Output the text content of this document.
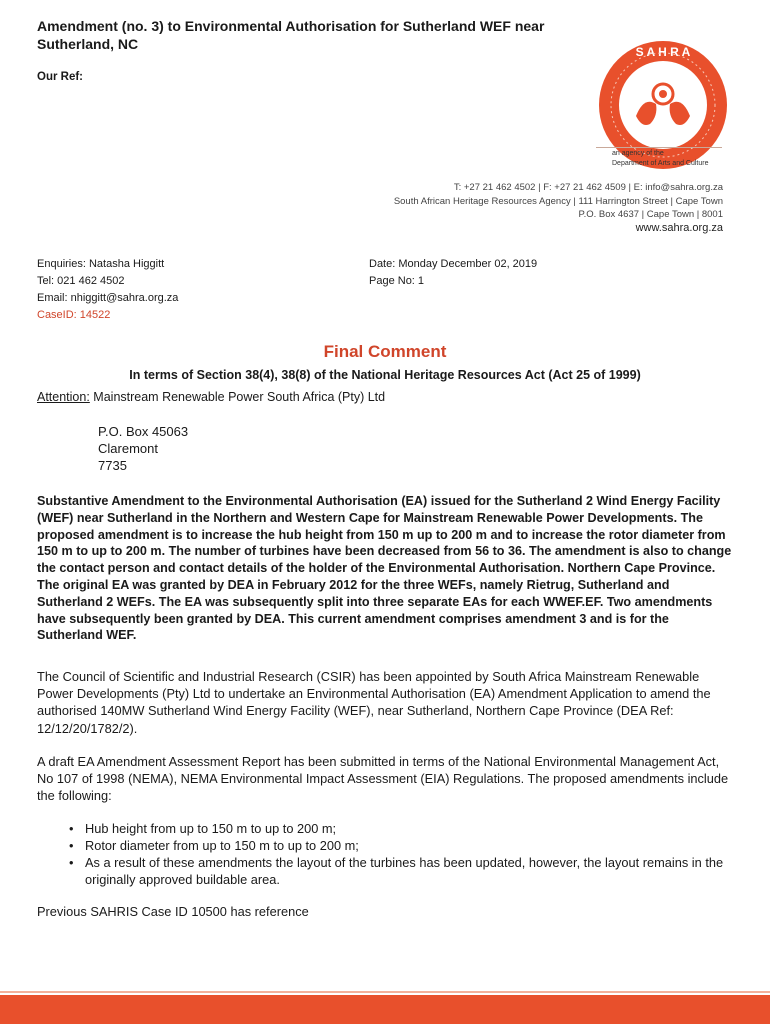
Amendment (no. 3) to Environmental Authorisation for Sutherland WEF near
Sutherland, NC
Our Ref:
S A H R A
an agency of the
Department of Arts and Culture
T: +27 21 462 4502 | F: +27 21 462 4509 | E: info@sahra.org.za
South African Heritage Resources Agency | 111 Harrington Street | Cape Town
P.O. Box 4637 | Cape Town | 8001
www.sahra.org.za
Enquiries: Natasha Higgitt
Tel: 021 462 4502
Email: nhiggitt@sahra.org.za
CaseID: 14522
Date: Monday December 02, 2019
Page No: 1
Final Comment
In terms of Section 38(4), 38(8) of the National Heritage Resources Act (Act 25 of 1999)
Attention: Mainstream Renewable Power South Africa (Pty) Ltd
P.O. Box 45063
Claremont
7735
Substantive Amendment to the Environmental Authorisation (EA) issued for the Sutherland 2 Wind Energy Facility (WEF) near Sutherland in the Northern and Western Cape for Mainstream Renewable Power Developments. The proposed amendment is to increase the hub height from 150 m up to 200 m and to increase the rotor diameter from 150 m to up to 200 m. The number of turbines have been decreased from 56 to 36. The amendment is also to change the contact person and contact details of the holder of the Environmental Authorisation. Northern Cape Province. The original EA was granted by DEA in February 2012 for the three WEFs, namely Rietrug, Sutherland and Sutherland 2 WEFs. The EA was subsequently split into three separate EAs for each WWEF.EF. Two amendments have subsequently been granted by DEA. This current amendment comprises amendment 3 and is for the Sutherland WEF.
The Council of Scientific and Industrial Research (CSIR) has been appointed by South Africa Mainstream Renewable Power Developments (Pty) Ltd to undertake an Environmental Authorisation (EA) Amendment Application to amend the authorised 140MW Sutherland Wind Energy Facility (WEF), near Sutherland, Northern Cape Province (DEA Ref: 12/12/20/1782/2).
A draft EA Amendment Assessment Report has been submitted in terms of the National Environmental Management Act, No 107 of 1998 (NEMA), NEMA Environmental Impact Assessment (EIA) Regulations. The proposed amendments include the following:
• Hub height from up to 150 m to up to 200 m;
• Rotor diameter from up to 150 m to up to 200 m;
• As a result of these amendments the layout of the turbines has been updated, however, the layout remains in the originally approved buildable area.
Previous SAHRIS Case ID 10500 has reference
